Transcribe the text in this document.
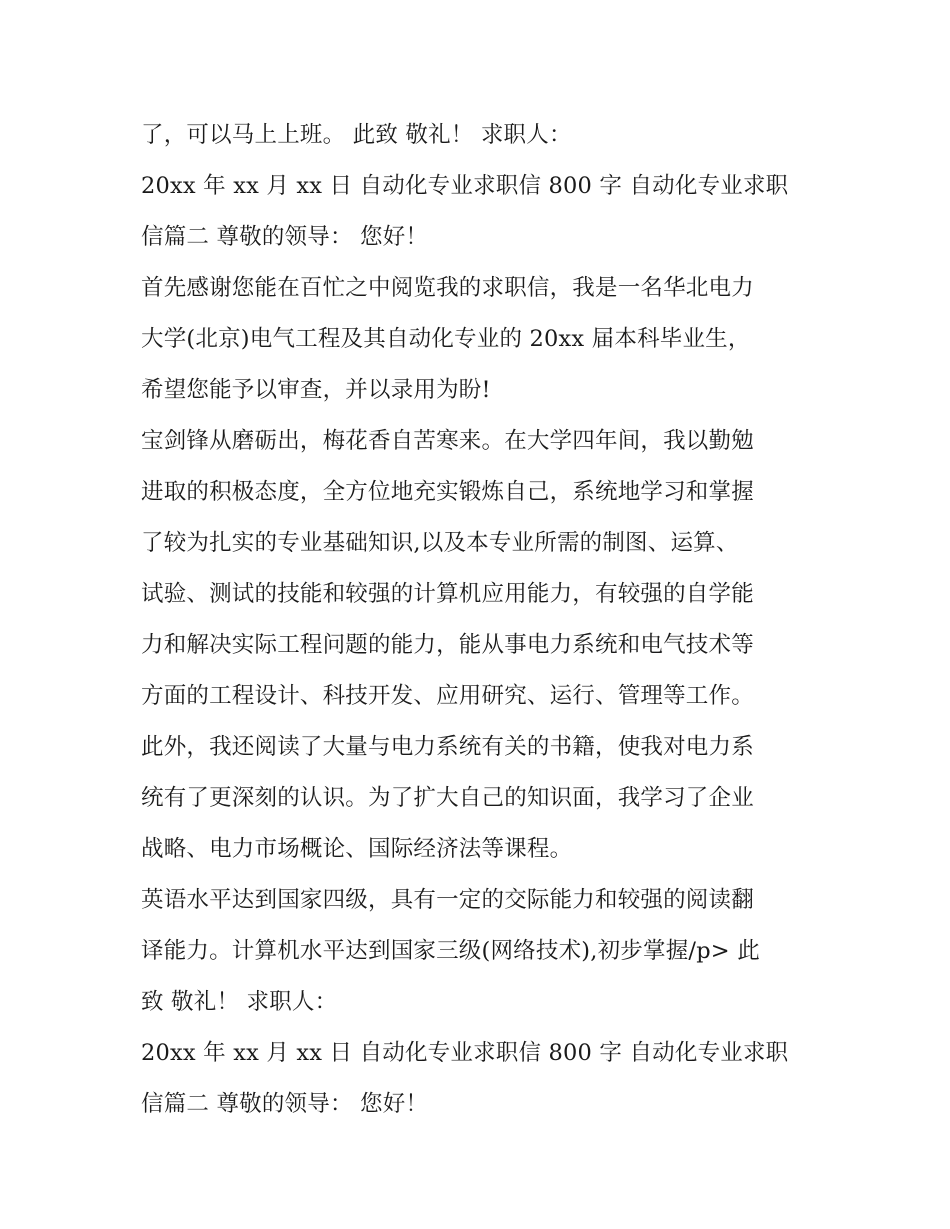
了，可以马上上班。 此致 敬礼！ 求职人：
20xx 年 xx 月 xx 日 自动化专业求职信 800 字 自动化专业求职
信篇二 尊敬的领导： 您好！
首先感谢您能在百忙之中阅览我的求职信，我是一名华北电力
大学(北京)电气工程及其自动化专业的 20xx 届本科毕业生，
希望您能予以审查，并以录用为盼!
宝剑锋从磨砺出，梅花香自苦寒来。在大学四年间，我以勤勉
进取的积极态度，全方位地充实锻炼自己，系统地学习和掌握
了较为扎实的专业基础知识,以及本专业所需的制图、运算、
试验、测试的技能和较强的计算机应用能力，有较强的自学能
力和解决实际工程问题的能力，能从事电力系统和电气技术等
方面的工程设计、科技开发、应用研究、运行、管理等工作。
此外，我还阅读了大量与电力系统有关的书籍，使我对电力系
统有了更深刻的认识。为了扩大自己的知识面，我学习了企业
战略、电力市场概论、国际经济法等课程。
英语水平达到国家四级，具有一定的交际能力和较强的阅读翻
译能力。计算机水平达到国家三级(网络技术),初步掌握/p> 此
致 敬礼！ 求职人：
20xx 年 xx 月 xx 日 自动化专业求职信 800 字 自动化专业求职
信篇二 尊敬的领导： 您好！
